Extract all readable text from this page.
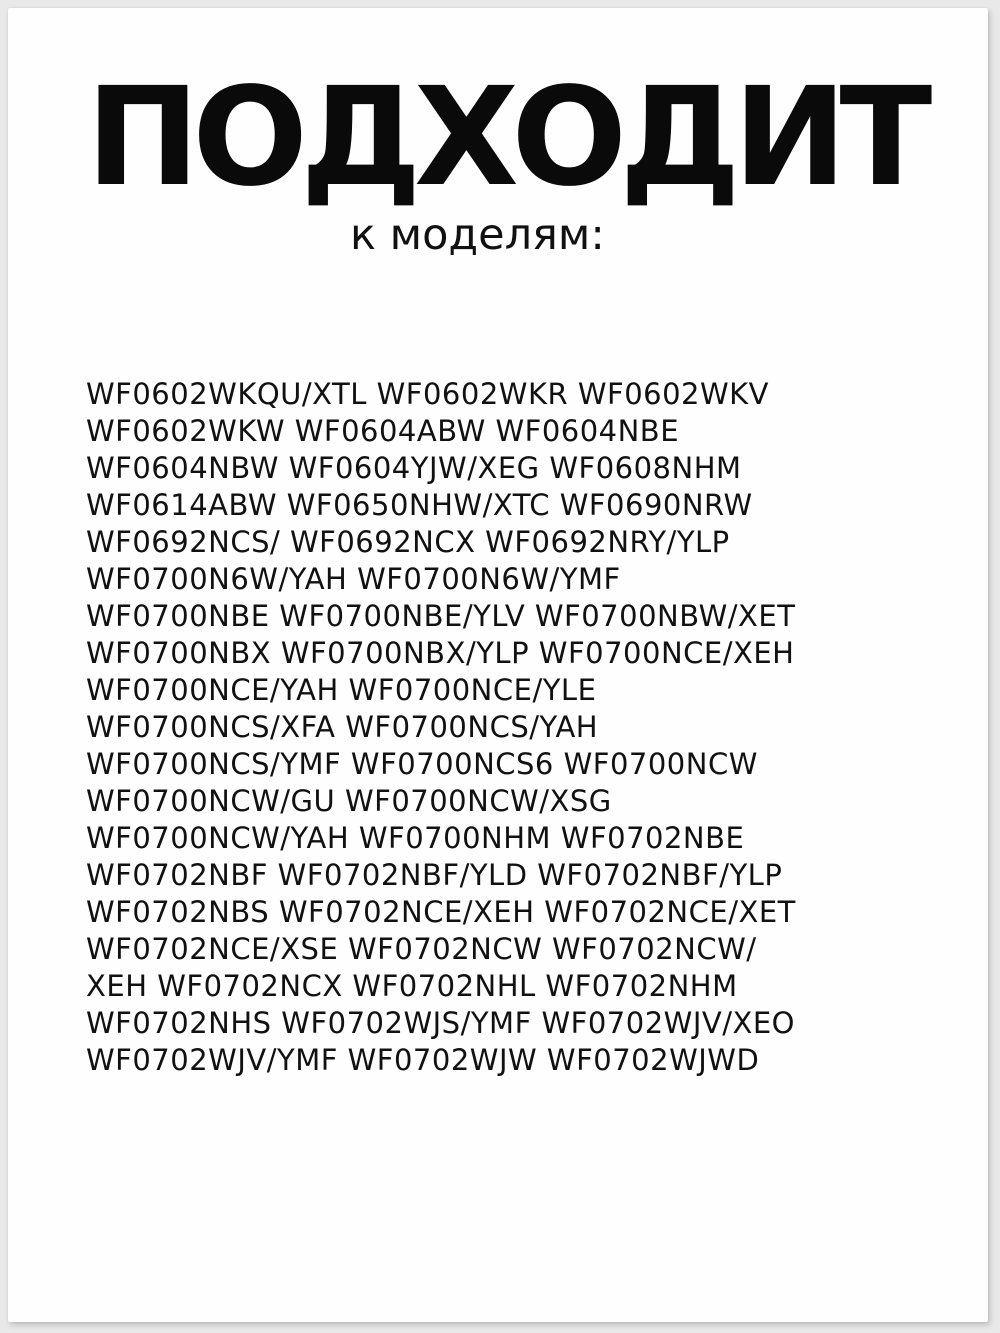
ПОДХОДИТ
к моделям:
WF0602WKQU/XTL WF0602WKR WF0602WKV
WF0602WKW WF0604ABW WF0604NBE
WF0604NBW WF0604YJW/XEG WF0608NHM
WF0614ABW WF0650NHW/XTC WF0690NRW
WF0692NCS/ WF0692NCX WF0692NRY/YLP
WF0700N6W/YAH WF0700N6W/YMF
WF0700NBE WF0700NBE/YLV WF0700NBW/XET
WF0700NBX WF0700NBX/YLP WF0700NCE/XEH
WF0700NCE/YAH WF0700NCE/YLE
WF0700NCS/XFA WF0700NCS/YAH
WF0700NCS/YMF WF0700NCS6 WF0700NCW
WF0700NCW/GU WF0700NCW/XSG
WF0700NCW/YAH WF0700NHM WF0702NBE
WF0702NBF WF0702NBF/YLD WF0702NBF/YLP
WF0702NBS WF0702NCE/XEH WF0702NCE/XET
WF0702NCE/XSE WF0702NCW WF0702NCW/
XEH WF0702NCX WF0702NHL WF0702NHM
WF0702NHS WF0702WJS/YMF WF0702WJV/XEO
WF0702WJV/YMF WF0702WJW WF0702WJWD
